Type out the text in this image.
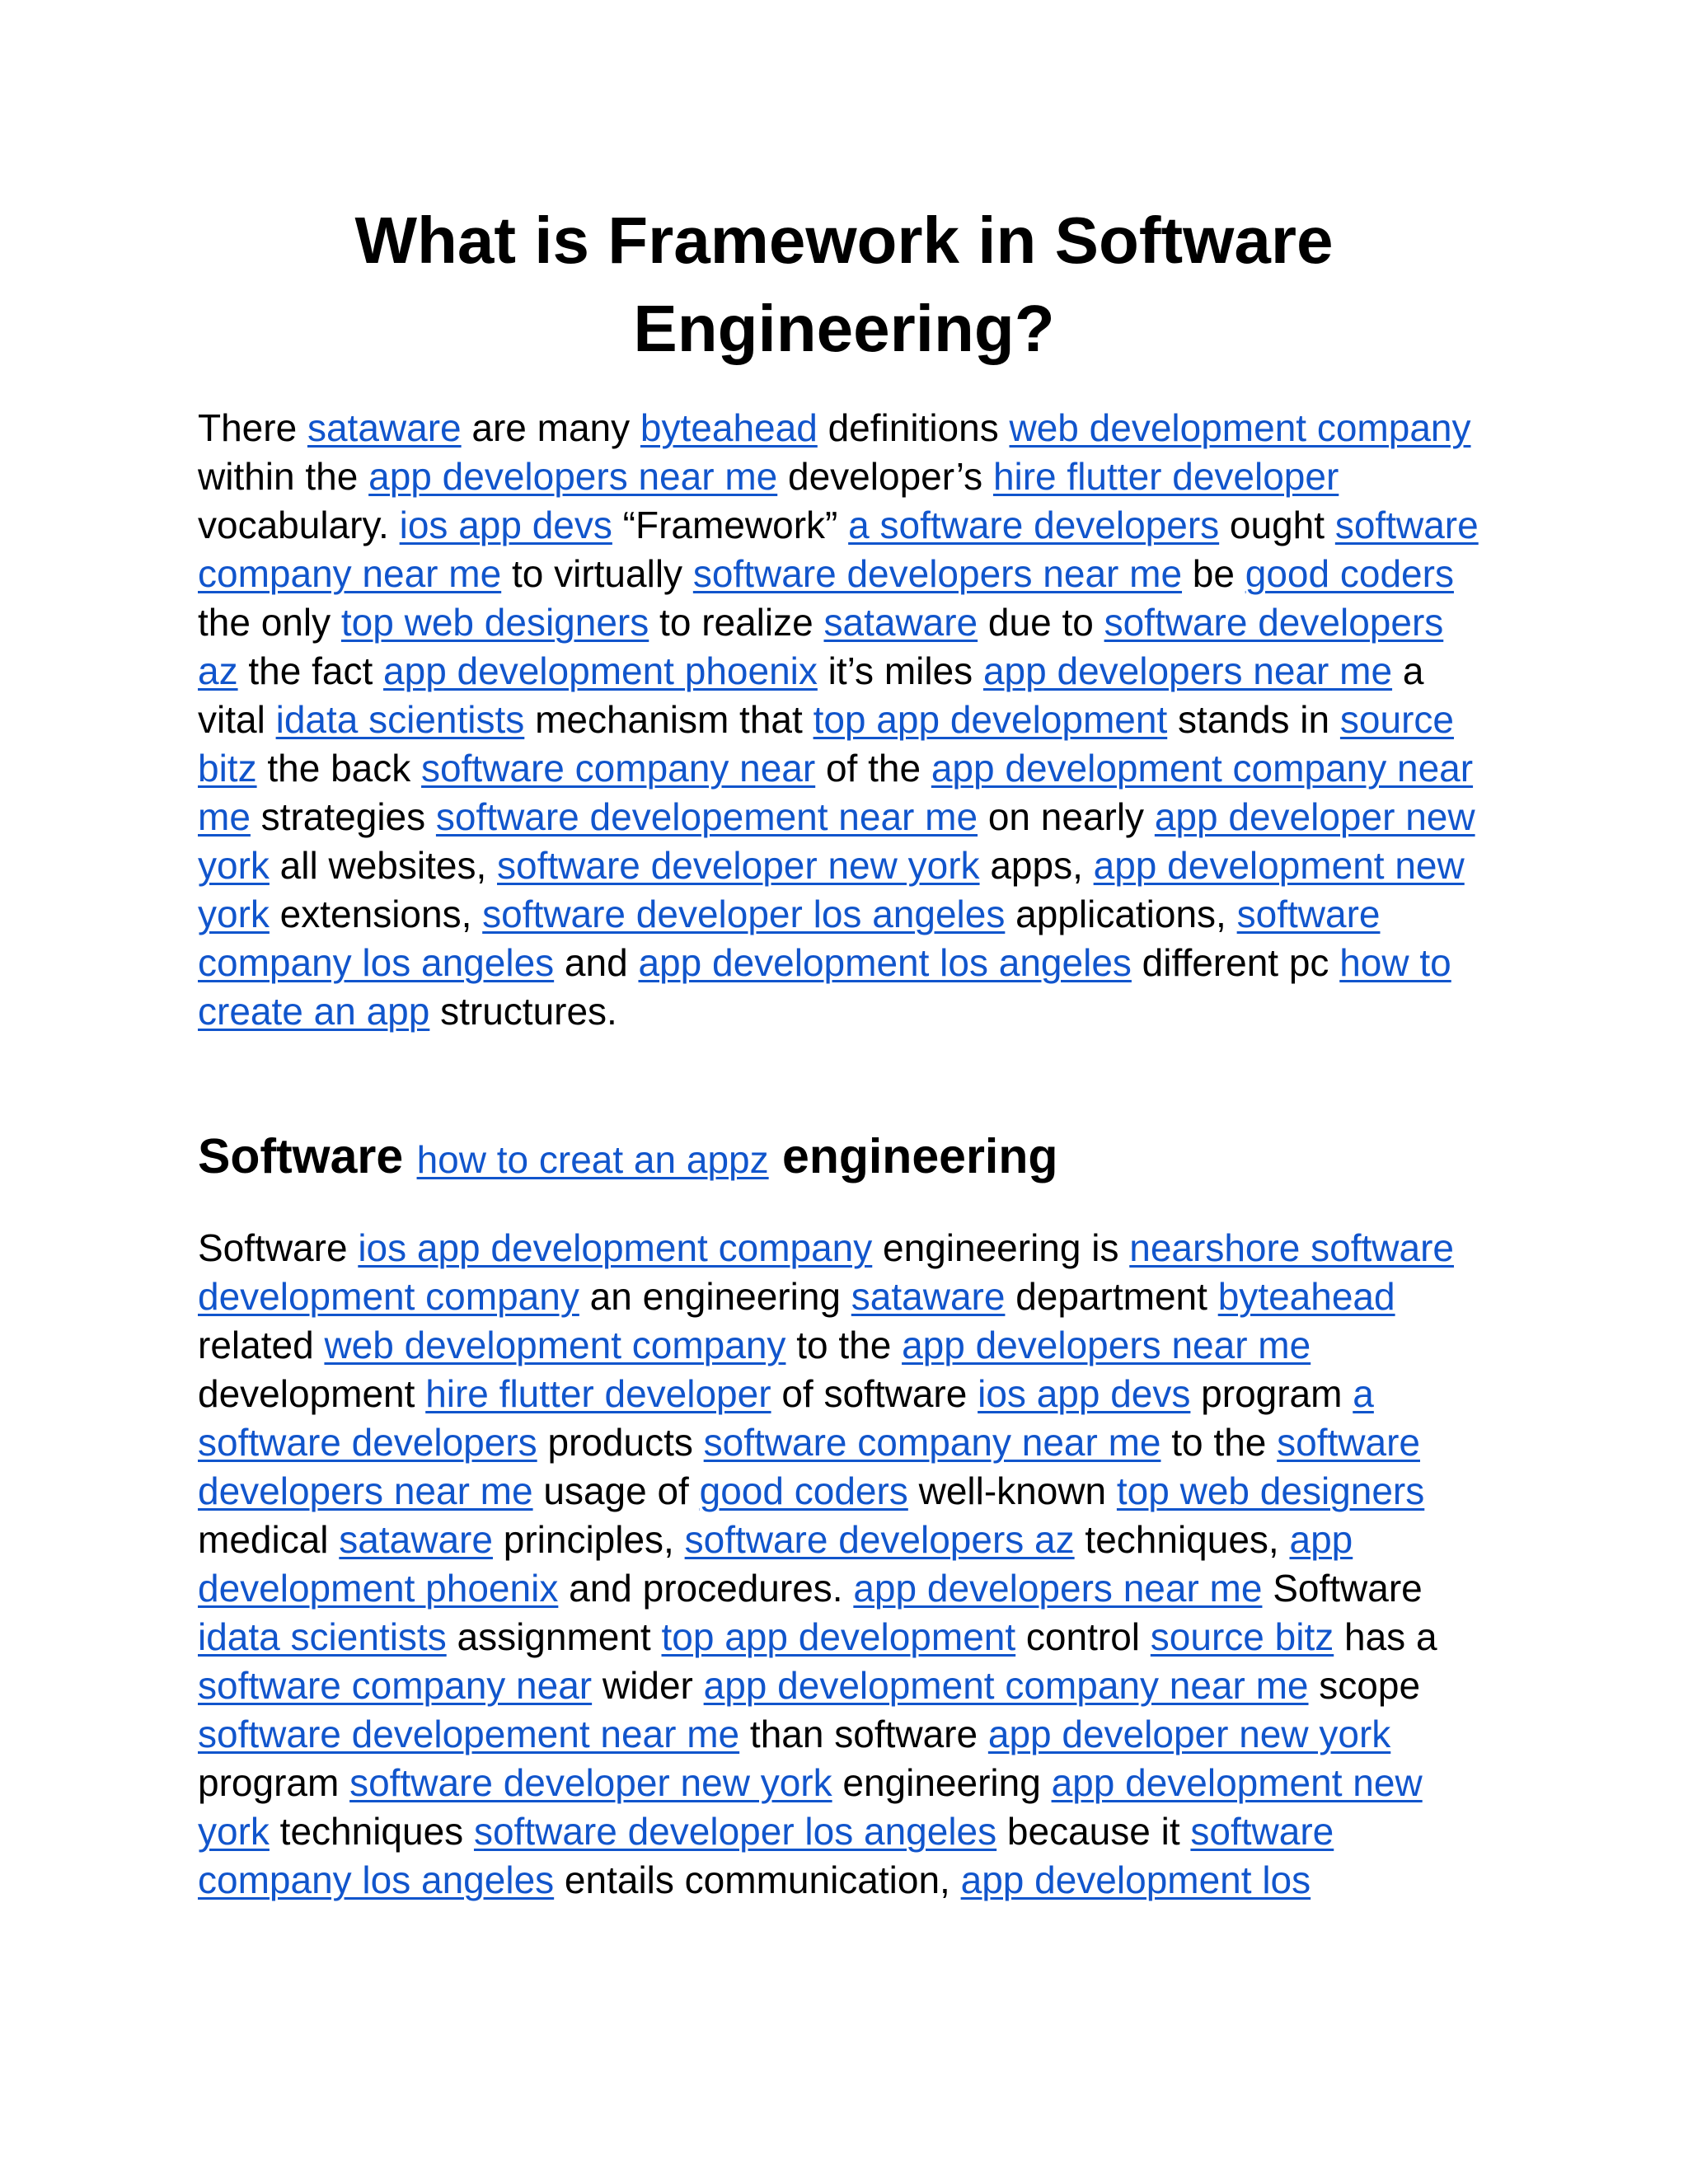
What is Framework in Software
Engineering?

There sataware are many byteahead definitions web development company within the app developers near me developer’s hire flutter developer vocabulary. ios app devs “Framework” a software developers ought software company near me to virtually software developers near me be good coders the only top web designers to realize sataware due to software developers az the fact app development phoenix it’s miles app developers near me a vital idata scientists mechanism that top app development stands in source bitz the back software company near of the app development company near me strategies software developement near me on nearly app developer new york all websites, software developer new york apps, app development new york extensions, software developer los angeles applications, software company los angeles and app development los angeles different pc how to create an app structures.

Software how to creat an appz engineering

Software ios app development company engineering is nearshore software development company an engineering sataware department byteahead related web development company to the app developers near me development hire flutter developer of software ios app devs program a software developers products software company near me to the software developers near me usage of good coders well-known top web designers medical sataware principles, software developers az techniques, app development phoenix and procedures. app developers near me Software idata scientists assignment top app development control source bitz has a software company near wider app development company near me scope software developement near me than software app developer new york program software developer new york engineering app development new york techniques software developer los angeles because it software company los angeles entails communication, app development los
